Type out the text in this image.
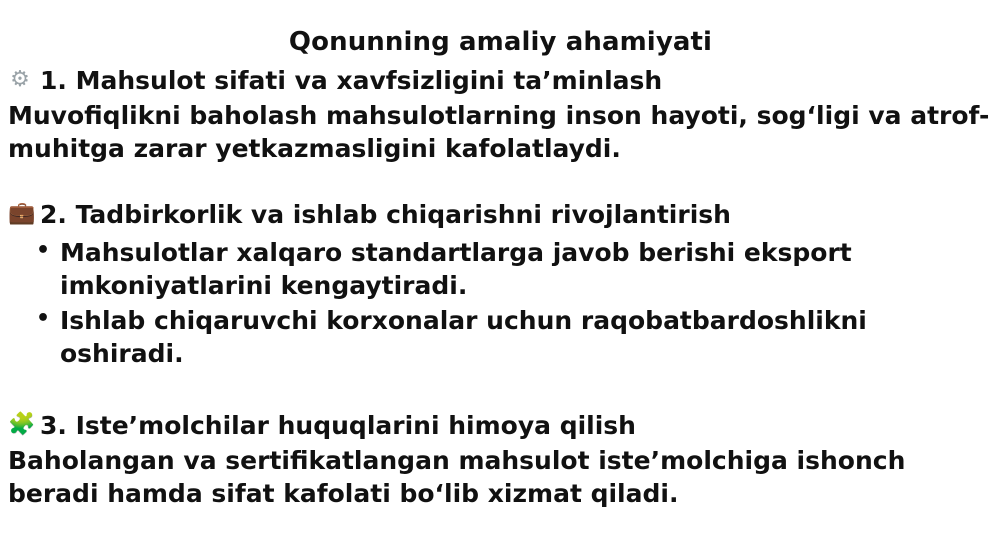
Qonunning amaliy ahamiyati
⚙ 1. Mahsulot sifati va xavfsizligini ta’minlash

Muvofiqlikni baholash mahsulotlarning inson hayoti, sog‘ligi va atrof-muhitga zarar yetkazmasligini kafolatlaydi.

💼 2. Tadbirkorlik va ishlab chiqarishni rivojlantirish
• Mahsulotlar xalqaro standartlarga javob berishi eksport imkoniyatlarini kengaytiradi.
• Ishlab chiqaruvchi korxonalar uchun raqobatbardoshlikni oshiradi.
🧩 3. Iste’molchilar huquqlarini himoya qilish

Baholangan va sertifikatlangan mahsulot iste’molchiga ishonch beradi hamda sifat kafolati bo‘lib xizmat qiladi.
